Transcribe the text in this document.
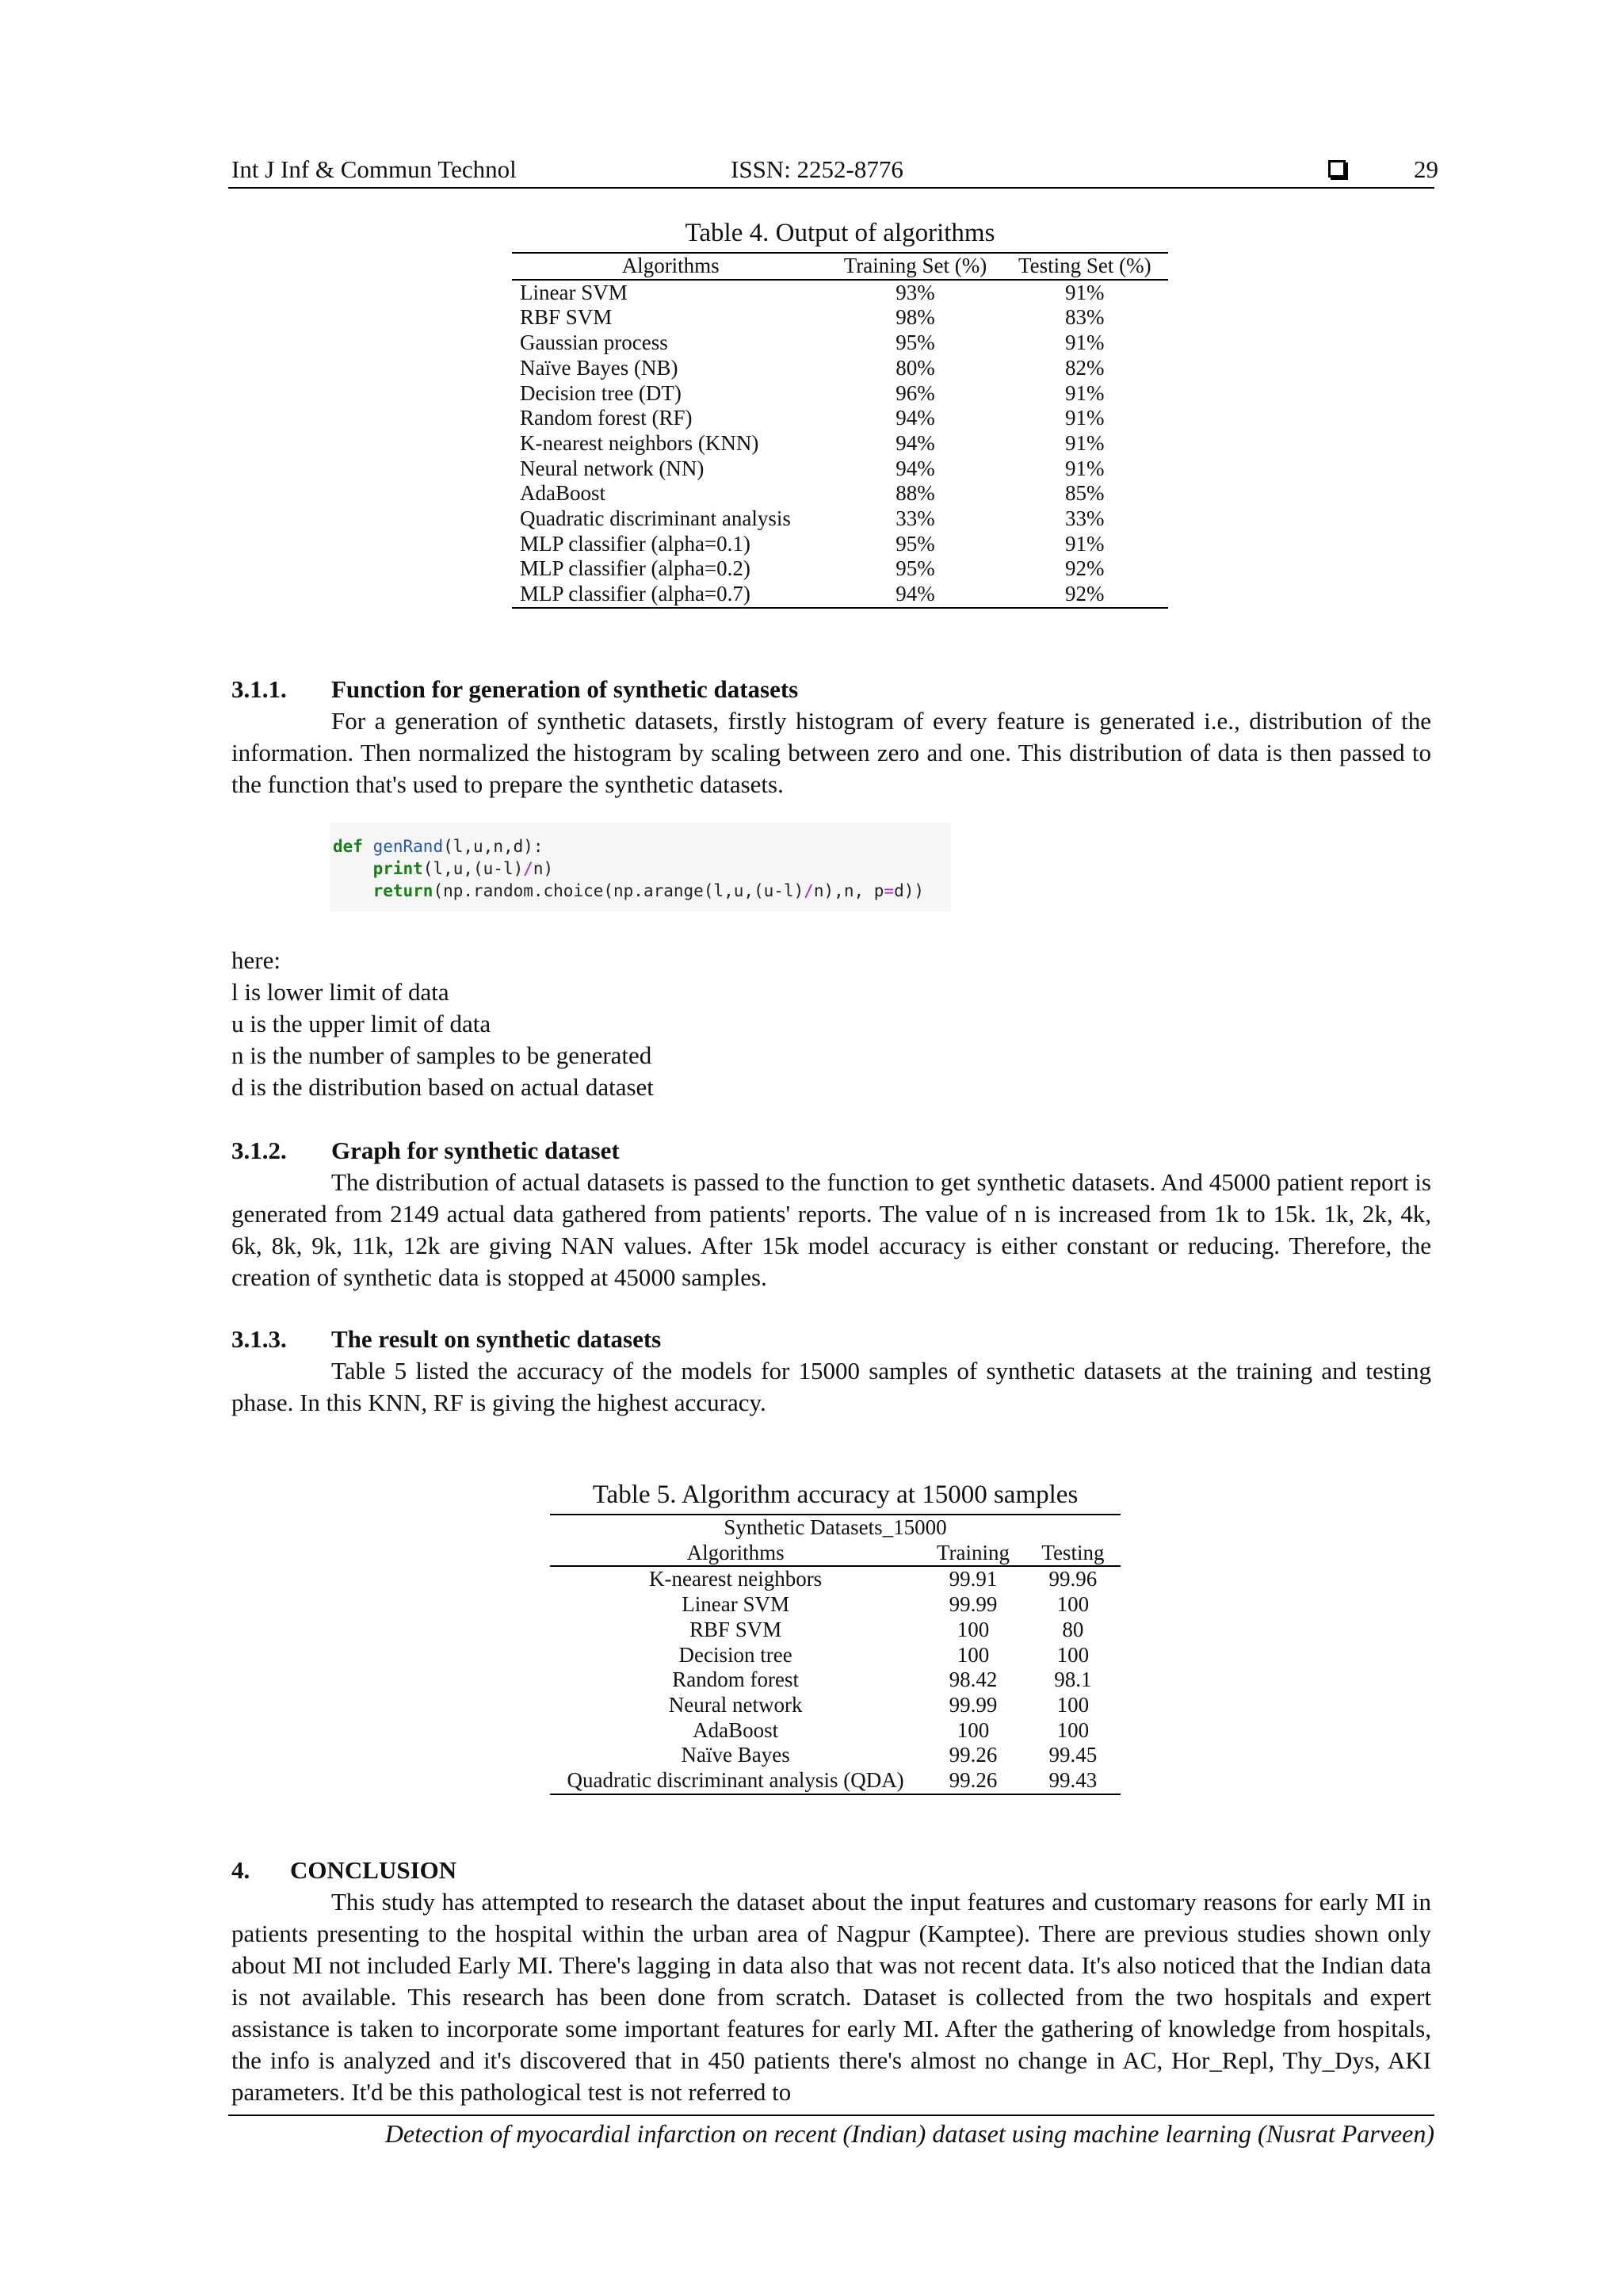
Int J Inf & Commun Technol	ISSN: 2252-8776	29
Table 4. Output of algorithms
Algorithms	Training Set (%)	Testing Set (%)
Linear SVM	93%	91%
RBF SVM	98%	83%
Gaussian process	95%	91%
Naïve Bayes (NB)	80%	82%
Decision tree (DT)	96%	91%
Random forest (RF)	94%	91%
K-nearest neighbors (KNN)	94%	91%
Neural network (NN)	94%	91%
AdaBoost	88%	85%
Quadratic discriminant analysis	33%	33%
MLP classifier (alpha=0.1)	95%	91%
MLP classifier (alpha=0.2)	95%	92%
MLP classifier (alpha=0.7)	94%	92%
3.1.1. Function for generation of synthetic datasets
For a generation of synthetic datasets, firstly histogram of every feature is generated i.e., distribution of the information. Then normalized the histogram by scaling between zero and one. This distribution of data is then passed to the function that's used to prepare the synthetic datasets.
def genRand(l,u,n,d):
print(l,u,(u-l)/n)
return(np.random.choice(np.arange(l,u,(u-l)/n),n, p=d))
here:
l is lower limit of data
u is the upper limit of data
n is the number of samples to be generated
d is the distribution based on actual dataset
3.1.2. Graph for synthetic dataset
The distribution of actual datasets is passed to the function to get synthetic datasets. And 45000 patient report is generated from 2149 actual data gathered from patients' reports. The value of n is increased from 1k to 15k. 1k, 2k, 4k, 6k, 8k, 9k, 11k, 12k are giving NAN values. After 15k model accuracy is either constant or reducing. Therefore, the creation of synthetic data is stopped at 45000 samples.
3.1.3. The result on synthetic datasets
Table 5 listed the accuracy of the models for 15000 samples of synthetic datasets at the training and testing phase. In this KNN, RF is giving the highest accuracy.
Table 5. Algorithm accuracy at 15000 samples
Synthetic Datasets_15000		
Algorithms	Training	Testing
K-nearest neighbors	99.91	99.96
Linear SVM	99.99	100
RBF SVM	100	80
Decision tree	100	100
Random forest	98.42	98.1
Neural network	99.99	100
AdaBoost	100	100
Naïve Bayes	99.26	99.45
Quadratic discriminant analysis (QDA)	99.26	99.43
4. CONCLUSION
This study has attempted to research the dataset about the input features and customary reasons for early MI in patients presenting to the hospital within the urban area of Nagpur (Kamptee). There are previous studies shown only about MI not included Early MI. There's lagging in data also that was not recent data. It's also noticed that the Indian data is not available. This research has been done from scratch. Dataset is collected from the two hospitals and expert assistance is taken to incorporate some important features for early MI. After the gathering of knowledge from hospitals, the info is analyzed and it's discovered that in 450 patients there's almost no change in AC, Hor_Repl, Thy_Dys, AKI parameters. It'd be this pathological test is not referred to
Detection of myocardial infarction on recent (Indian) dataset using machine learning (Nusrat Parveen)
